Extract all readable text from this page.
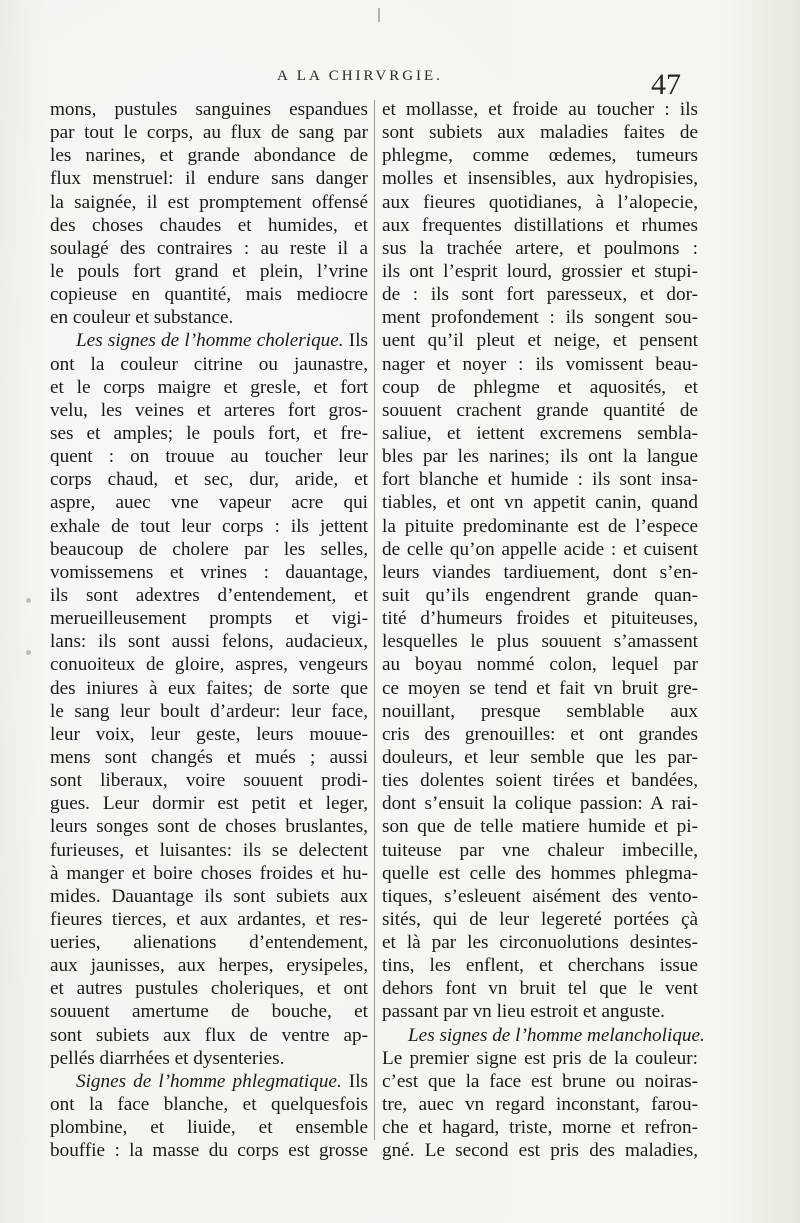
A LA CHIRVRGIE.	47
mons, pustules sanguines espandues
par tout le corps, au flux de sang par
les narines, et grande abondance de
flux menstruel: il endure sans danger
la saignée, il est promptement offensé
des choses chaudes et humides, et
soulagé des contraires : au reste il a
le pouls fort grand et plein, l’vrine
copieuse en quantité, mais mediocre
en couleur et substance.
Les signes de l’homme cholerique. Ils
ont la couleur citrine ou jaunastre,
et le corps maigre et gresle, et fort
velu, les veines et arteres fort gros-
ses et amples; le pouls fort, et fre-
quent : on trouue au toucher leur
corps chaud, et sec, dur, aride, et
aspre, auec vne vapeur acre qui
exhale de tout leur corps : ils jettent
beaucoup de cholere par les selles,
vomissemens et vrines : dauantage,
ils sont adextres d’entendement, et
merueilleusement prompts et vigi-
lans: ils sont aussi felons, audacieux,
conuoiteux de gloire, aspres, vengeurs
des iniures à eux faites; de sorte que
le sang leur boult d’ardeur: leur face,
leur voix, leur geste, leurs mouue-
mens sont changés et mués ; aussi
sont liberaux, voire souuent prodi-
gues. Leur dormir est petit et leger,
leurs songes sont de choses bruslantes,
furieuses, et luisantes: ils se delectent
à manger et boire choses froides et hu-
mides. Dauantage ils sont subiets aux
fieures tierces, et aux ardantes, et res-
ueries, alienations d’entendement,
aux jaunisses, aux herpes, erysipeles,
et autres pustules choleriques, et ont
souuent amertume de bouche, et
sont subiets aux flux de ventre ap-
pellés diarrhées et dysenteries.
Signes de l’homme phlegmatique. Ils
ont la face blanche, et quelquesfois
plombine, et liuide, et ensemble
bouffie : la masse du corps est grosse
et mollasse, et froide au toucher : ils
sont subiets aux maladies faites de
phlegme, comme œdemes, tumeurs
molles et insensibles, aux hydropisies,
aux fieures quotidianes, à l’alopecie,
aux frequentes distillations et rhumes
sus la trachée artere, et poulmons :
ils ont l’esprit lourd, grossier et stupi-
de : ils sont fort paresseux, et dor-
ment profondement : ils songent sou-
uent qu’il pleut et neige, et pensent
nager et noyer : ils vomissent beau-
coup de phlegme et aquosités, et
souuent crachent grande quantité de
saliue, et iettent excremens sembla-
bles par les narines; ils ont la langue
fort blanche et humide : ils sont insa-
tiables, et ont vn appetit canin, quand
la pituite predominante est de l’espece
de celle qu’on appelle acide : et cuisent
leurs viandes tardiuement, dont s’en-
suit qu’ils engendrent grande quan-
tité d’humeurs froides et pituiteuses,
lesquelles le plus souuent s’amassent
au boyau nommé colon, lequel par
ce moyen se tend et fait vn bruit gre-
nouillant, presque semblable aux
cris des grenouilles: et ont grandes
douleurs, et leur semble que les par-
ties dolentes soient tirées et bandées,
dont s’ensuit la colique passion: A rai-
son que de telle matiere humide et pi-
tuiteuse par vne chaleur imbecille,
quelle est celle des hommes phlegma-
tiques, s’esleuent aisément des vento-
sités, qui de leur legereté portées çà
et là par les circonuolutions desintes-
tins, les enflent, et cherchans issue
dehors font vn bruit tel que le vent
passant par vn lieu estroit et anguste.
Les signes de l’homme melancholique.
Le premier signe est pris de la couleur:
c’est que la face est brune ou noiras-
tre, auec vn regard inconstant, farou-
che et hagard, triste, morne et refron-
gné. Le second est pris des maladies,
